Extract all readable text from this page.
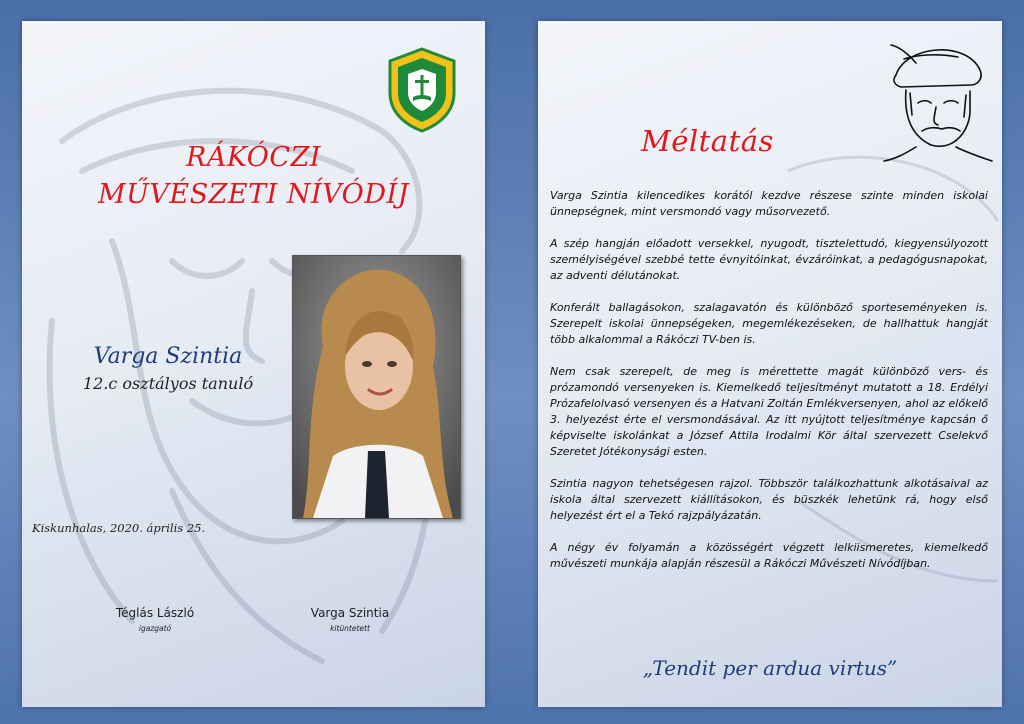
RÁKÓCZI
MŰVÉSZETI NÍVÓDÍJ
Varga Szintia
12.c osztályos tanuló
Kiskunhalas, 2020. április 25.
Téglás László
igazgató
Varga Szintia
kitüntetett
Méltatás

Varga Szintia kilencedikes korától kezdve részese szinte minden iskolai ünnepségnek, mint versmondó vagy műsorvezető.

A szép hangján előadott versekkel, nyugodt, tisztelettudó, kiegyensúlyozott személyiségével szebbé tette évnyitóinkat, évzáróinkat, a pedagógusnapokat, az adventi délutánokat.

Konferált ballagásokon, szalagavatón és különböző sporteseményeken is. Szerepelt iskolai ünnepségeken, megemlékezéseken, de hallhattuk hangját több alkalommal a Rákóczi TV-ben is.

Nem csak szerepelt, de meg is mérettette magát különböző vers- és prózamondó versenyeken is. Kiemelkedő teljesítményt mutatott a 18. Erdélyi Prózafelolvasó versenyen és a Hatvani Zoltán Emlékversenyen, ahol az előkelő 3. helyezést érte el versmondásával. Az itt nyújtott teljesítménye kapcsán ő képviselte iskolánkat a József Attila Irodalmi Kör által szervezett Cselekvő Szeretet Jótékonysági esten.

Szintia nagyon tehetségesen rajzol. Többször találkozhattunk alkotásaival az iskola által szervezett kiállításokon, és büszkék lehetünk rá, hogy első helyezést ért el a Tekó rajzpályázatán.

A négy év folyamán a közösségért végzett lelkiismeretes, kiemelkedő művészeti munkája alapján részesül a Rákóczi Művészeti Nívódíjban.

„Tendit per ardua virtus”
